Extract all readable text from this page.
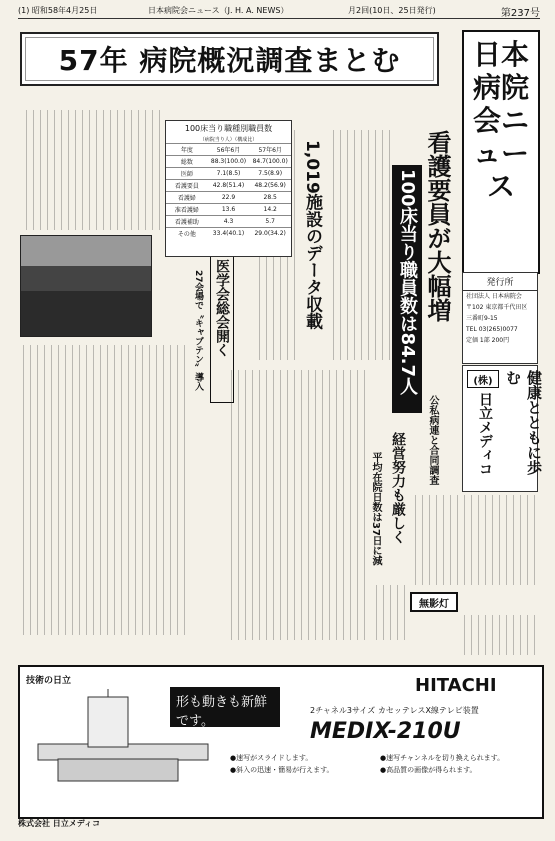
(1) 昭和58年4月25日	日本病院会ニュース（J. H. A. NEWS）	月2回(10日、25日発行)	第237号
57年 病院概況調査まとむ	日本病院会ニュース
発行所
社団法人 日本病院会
〒102 東京都千代田区
三番町9-15
TEL 03(265)0077
定価 1部 200円
(株)	健康とともに歩む
日立メディコ
看護要員が大幅増
100床当り職員数は84.7人
公私病連と合同調査
経営努力も厳しく
平均在院日数は37日に減
1,019施設のデータ収載
医学会総会開く
27会場で〝キャブテン〟導入
無影灯
100床当り職種別職員数
（病院当り人）（構成比）
年度	56年6月	57年6月
総数	88.3(100.0)	84.7(100.0)
医師	7.1(8.5)	7.5(8.9)
看護要員	42.8(51.4)	48.2(56.9)
看護婦	22.9	28.5
准看護婦	13.6	14.2
看護補助	4.3	5.7
その他	33.4(40.1)	29.0(34.2)
技術の日立
形も動きも新鮮です。
HITACHI
2チャネル3サイズ カセッテレスX線テレビ装置
MEDIX-210U
●速写がスライドします。	●速写チャンネルを切り換えられます。
●斜入の迅速・簡易が行えます。	●高品質の画像が得られます。
株式会社 日立メディコ
